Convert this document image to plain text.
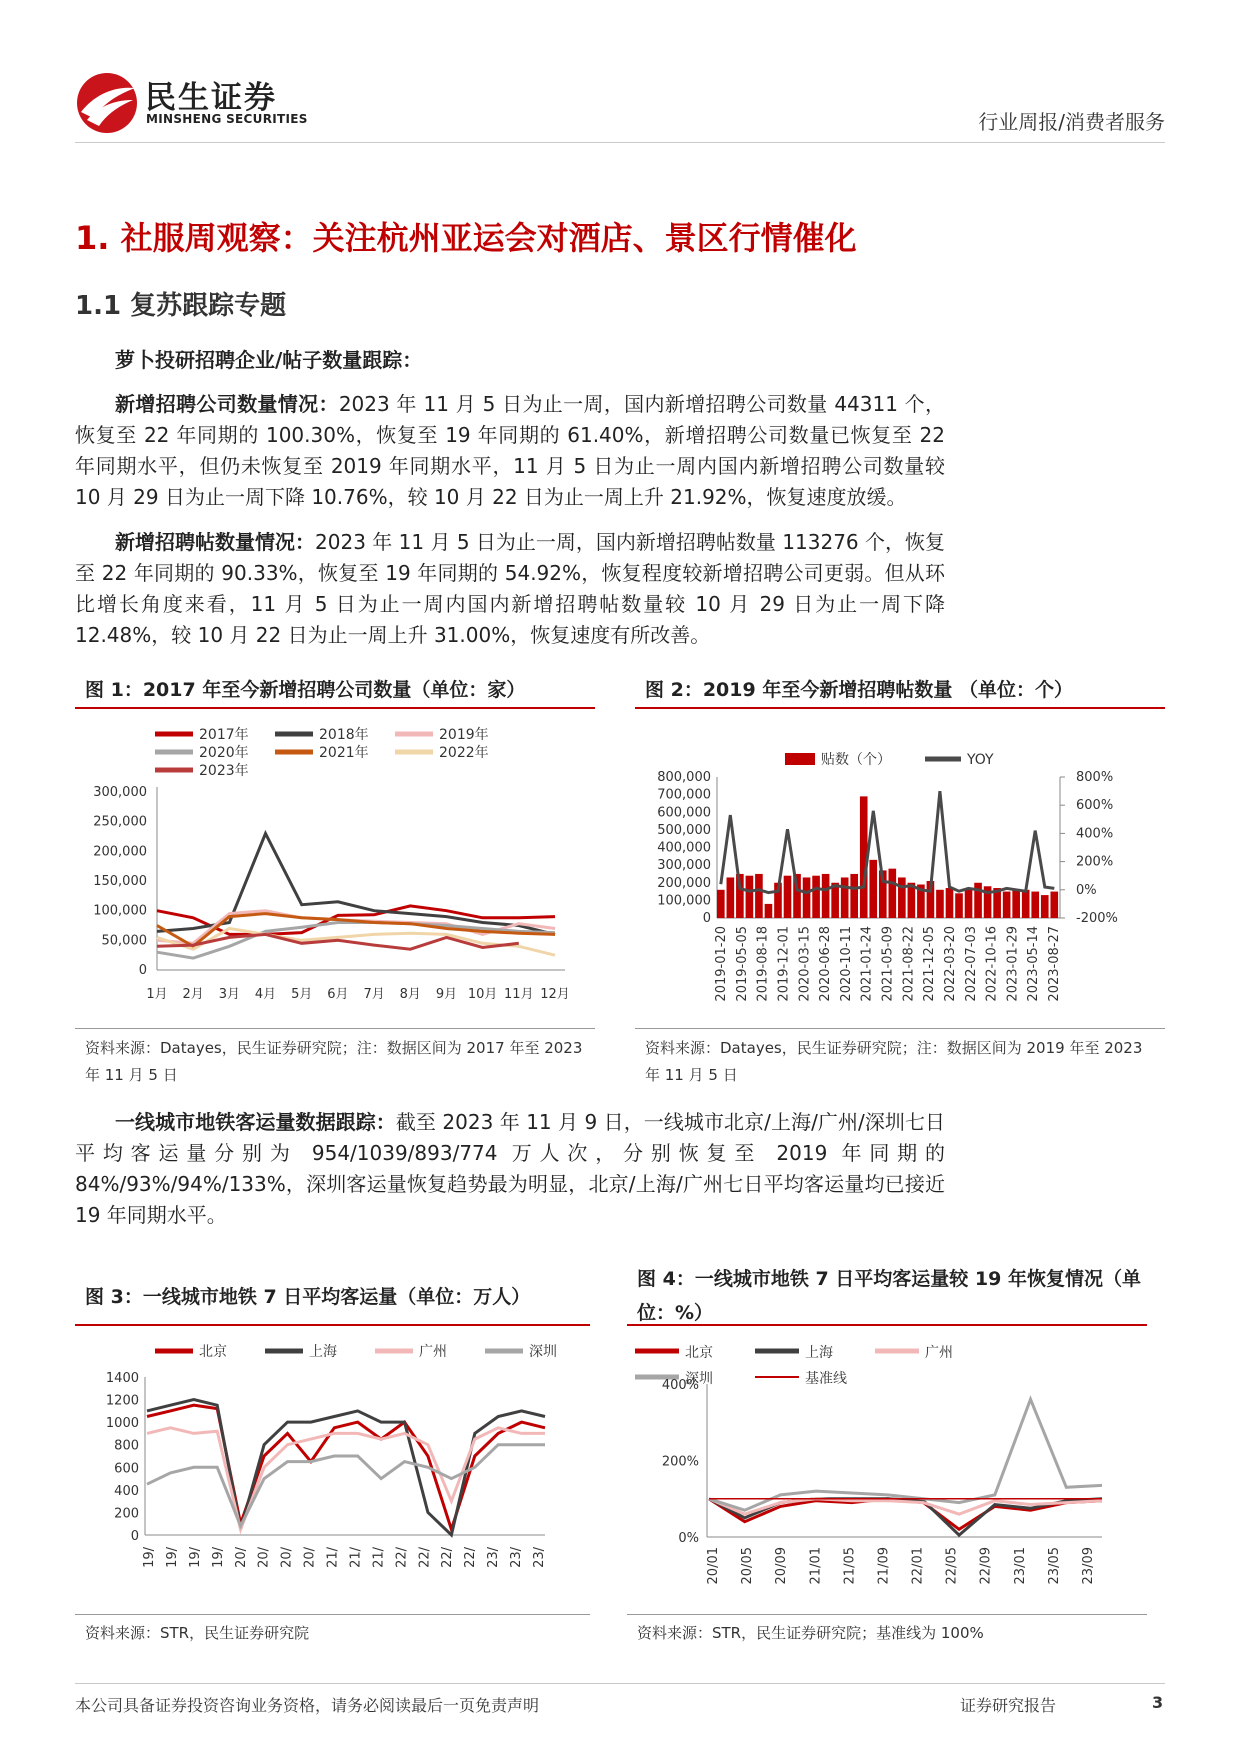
民生证券
MINSHENG SECURITIES	行业周报/消费者服务
1. 社服周观察：关注杭州亚运会对酒店、景区行情催化
1.1 复苏跟踪专题
萝卜投研招聘企业/帖子数量跟踪：
新增招聘公司数量情况：2023 年 11 月 5 日为止一周，国内新增招聘公司数量 44311 个，恢复至 22 年同期的 100.30%，恢复至 19 年同期的 61.40%，新增招聘公司数量已恢复至 22 年同期水平，但仍未恢复至 2019 年同期水平，11 月 5 日为止一周内国内新增招聘公司数量较 10 月 29 日为止一周下降 10.76%，较 10 月 22 日为止一周上升 21.92%，恢复速度放缓。
新增招聘帖数量情况：2023 年 11 月 5 日为止一周，国内新增招聘帖数量 113276 个，恢复至 22 年同期的 90.33%，恢复至 19 年同期的 54.92%，恢复程度较新增招聘公司更弱。但从环比增长角度来看，11 月 5 日为止一周内国内新增招聘帖数量较 10 月 29 日为止一周下降 12.48%，较 10 月 22 日为止一周上升 31.00%，恢复速度有所改善。
图 1：2017 年至今新增招聘公司数量（单位：家）
2017年	2018年	2019年
2020年	2021年	2022年
2023年
300,000
250,000
200,000
150,000
100,000
50,000
0
1月 2月 3月 4月 5月 6月 7月 8月 9月 10月 11月 12月
资料来源：Datayes，民生证券研究院；注：数据区间为 2017 年至 2023 年 11 月 5 日
图 2：2019 年至今新增招聘帖数量 （单位：个）
贴数（个）	YOY
800,000
700,000
600,000
500,000
400,000
300,000
200,000
100,000
0
800%
600%
400%
200%
0%
-200%
2019-01-20 2019-05-05 2019-08-18 2019-12-01 2020-03-15 2020-06-28 2020-10-11 2021-01-24 2021-05-09 2021-08-22 2021-12-05 2022-03-20 2022-07-03 2022-10-16 2023-01-29 2023-05-14 2023-08-27
资料来源：Datayes，民生证券研究院；注：数据区间为 2019 年至 2023 年 11 月 5 日
一线城市地铁客运量数据跟踪：截至 2023 年 11 月 9 日，一线城市北京/上海/广州/深圳七日平均客运量分别为 954/1039/893/774 万人次，分别恢复至 2019 年同期的 84%/93%/94%/133%，深圳客运量恢复趋势最为明显，北京/上海/广州七日平均客运量均已接近 19 年同期水平。
图 3：一线城市地铁 7 日平均客运量（单位：万人）
北京	上海	广州	深圳
1400
1200
1000
800
600
400
200
0
19/ 19/ 19/ 19/ 20/ 20/ 20/ 20/ 21/ 21/ 21/ 22/ 22/ 22/ 22/ 23/ 23/ 23/
资料来源：STR，民生证券研究院
图 4：一线城市地铁 7 日平均客运量较 19 年恢复情况（单位：%）
北京	上海	广州
深圳	基准线
400%
200%
0%
20/01 20/05 20/09 21/01 21/05 21/09 22/01 22/05 22/09 23/01 23/05 23/09
资料来源：STR，民生证券研究院；基准线为 100%
本公司具备证券投资咨询业务资格，请务必阅读最后一页免责声明	证券研究报告	3
